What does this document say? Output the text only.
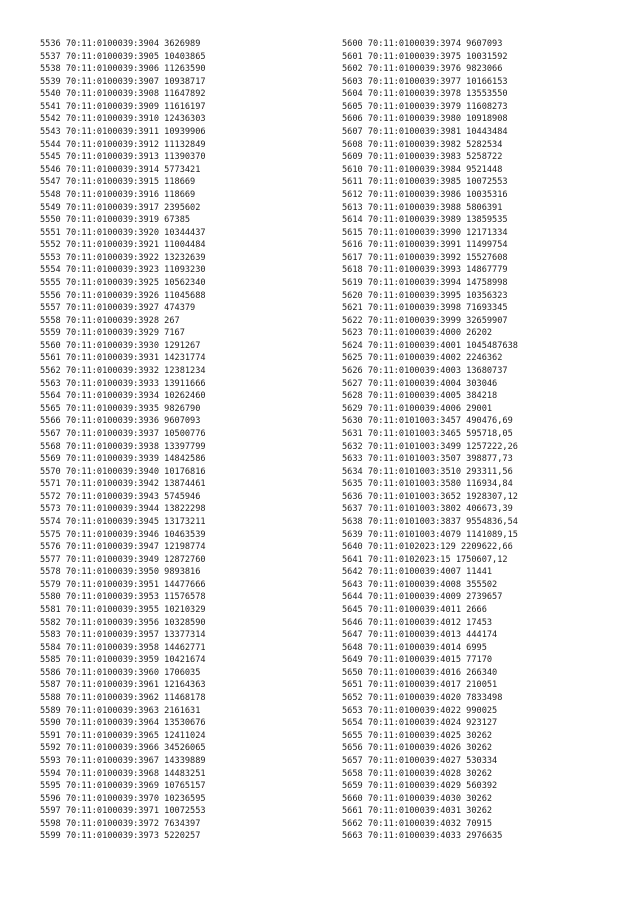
5536 70:11:0100039:3904 3626989
5537 70:11:0100039:3905 10403865
5538 70:11:0100039:3906 11263590
5539 70:11:0100039:3907 10938717
5540 70:11:0100039:3908 11647892
5541 70:11:0100039:3909 11616197
5542 70:11:0100039:3910 12436303
5543 70:11:0100039:3911 10939906
5544 70:11:0100039:3912 11132849
5545 70:11:0100039:3913 11390370
5546 70:11:0100039:3914 5773421
5547 70:11:0100039:3915 118669
5548 70:11:0100039:3916 118669
5549 70:11:0100039:3917 2395602
5550 70:11:0100039:3919 67385
5551 70:11:0100039:3920 10344437
5552 70:11:0100039:3921 11004484
5553 70:11:0100039:3922 13232639
5554 70:11:0100039:3923 11093230
5555 70:11:0100039:3925 10562340
5556 70:11:0100039:3926 11045688
5557 70:11:0100039:3927 474379
5558 70:11:0100039:3928 267
5559 70:11:0100039:3929 7167
5560 70:11:0100039:3930 1291267
5561 70:11:0100039:3931 14231774
5562 70:11:0100039:3932 12381234
5563 70:11:0100039:3933 13911666
5564 70:11:0100039:3934 10262460
5565 70:11:0100039:3935 9826790
5566 70:11:0100039:3936 9607093
5567 70:11:0100039:3937 10500776
5568 70:11:0100039:3938 13397799
5569 70:11:0100039:3939 14842586
5570 70:11:0100039:3940 10176816
5571 70:11:0100039:3942 13874461
5572 70:11:0100039:3943 5745946
5573 70:11:0100039:3944 13822298
5574 70:11:0100039:3945 13173211
5575 70:11:0100039:3946 10463539
5576 70:11:0100039:3947 12198774
5577 70:11:0100039:3949 12872760
5578 70:11:0100039:3950 9893816
5579 70:11:0100039:3951 14477666
5580 70:11:0100039:3953 11576578
5581 70:11:0100039:3955 10210329
5582 70:11:0100039:3956 10328590
5583 70:11:0100039:3957 13377314
5584 70:11:0100039:3958 14462771
5585 70:11:0100039:3959 10421674
5586 70:11:0100039:3960 1706035
5587 70:11:0100039:3961 12164363
5588 70:11:0100039:3962 11468178
5589 70:11:0100039:3963 2161631
5590 70:11:0100039:3964 13530676
5591 70:11:0100039:3965 12411024
5592 70:11:0100039:3966 34526065
5593 70:11:0100039:3967 14339889
5594 70:11:0100039:3968 14483251
5595 70:11:0100039:3969 10765157
5596 70:11:0100039:3970 10236595
5597 70:11:0100039:3971 10072553
5598 70:11:0100039:3972 7634397
5599 70:11:0100039:3973 5220257
5600 70:11:0100039:3974 9607093
5601 70:11:0100039:3975 10031592
5602 70:11:0100039:3976 9823066
5603 70:11:0100039:3977 10166153
5604 70:11:0100039:3978 13553550
5605 70:11:0100039:3979 11608273
5606 70:11:0100039:3980 10918908
5607 70:11:0100039:3981 10443484
5608 70:11:0100039:3982 5282534
5609 70:11:0100039:3983 5258722
5610 70:11:0100039:3984 9521448
5611 70:11:0100039:3985 10072553
5612 70:11:0100039:3986 10035316
5613 70:11:0100039:3988 5806391
5614 70:11:0100039:3989 13859535
5615 70:11:0100039:3990 12171334
5616 70:11:0100039:3991 11499754
5617 70:11:0100039:3992 15527608
5618 70:11:0100039:3993 14867779
5619 70:11:0100039:3994 14758998
5620 70:11:0100039:3995 10356323
5621 70:11:0100039:3998 71693345
5622 70:11:0100039:3999 32659907
5623 70:11:0100039:4000 26202
5624 70:11:0100039:4001 1045487638
5625 70:11:0100039:4002 2246362
5626 70:11:0100039:4003 13680737
5627 70:11:0100039:4004 303046
5628 70:11:0100039:4005 384218
5629 70:11:0100039:4006 29001
5630 70:11:0101003:3457 490476,69
5631 70:11:0101003:3465 595718,05
5632 70:11:0101003:3499 1257222,26
5633 70:11:0101003:3507 398877,73
5634 70:11:0101003:3510 293311,56
5635 70:11:0101003:3580 116934,84
5636 70:11:0101003:3652 1928307,12
5637 70:11:0101003:3802 406673,39
5638 70:11:0101003:3837 9554836,54
5639 70:11:0101003:4079 1141089,15
5640 70:11:0102023:129 2209622,66
5641 70:11:0102023:15 1750607,12
5642 70:11:0100039:4007 11441
5643 70:11:0100039:4008 355502
5644 70:11:0100039:4009 2739657
5645 70:11:0100039:4011 2666
5646 70:11:0100039:4012 17453
5647 70:11:0100039:4013 444174
5648 70:11:0100039:4014 6995
5649 70:11:0100039:4015 77170
5650 70:11:0100039:4016 266340
5651 70:11:0100039:4017 210051
5652 70:11:0100039:4020 7833498
5653 70:11:0100039:4022 990025
5654 70:11:0100039:4024 923127
5655 70:11:0100039:4025 30262
5656 70:11:0100039:4026 30262
5657 70:11:0100039:4027 530334
5658 70:11:0100039:4028 30262
5659 70:11:0100039:4029 560392
5660 70:11:0100039:4030 30262
5661 70:11:0100039:4031 30262
5662 70:11:0100039:4032 70915
5663 70:11:0100039:4033 2976635
